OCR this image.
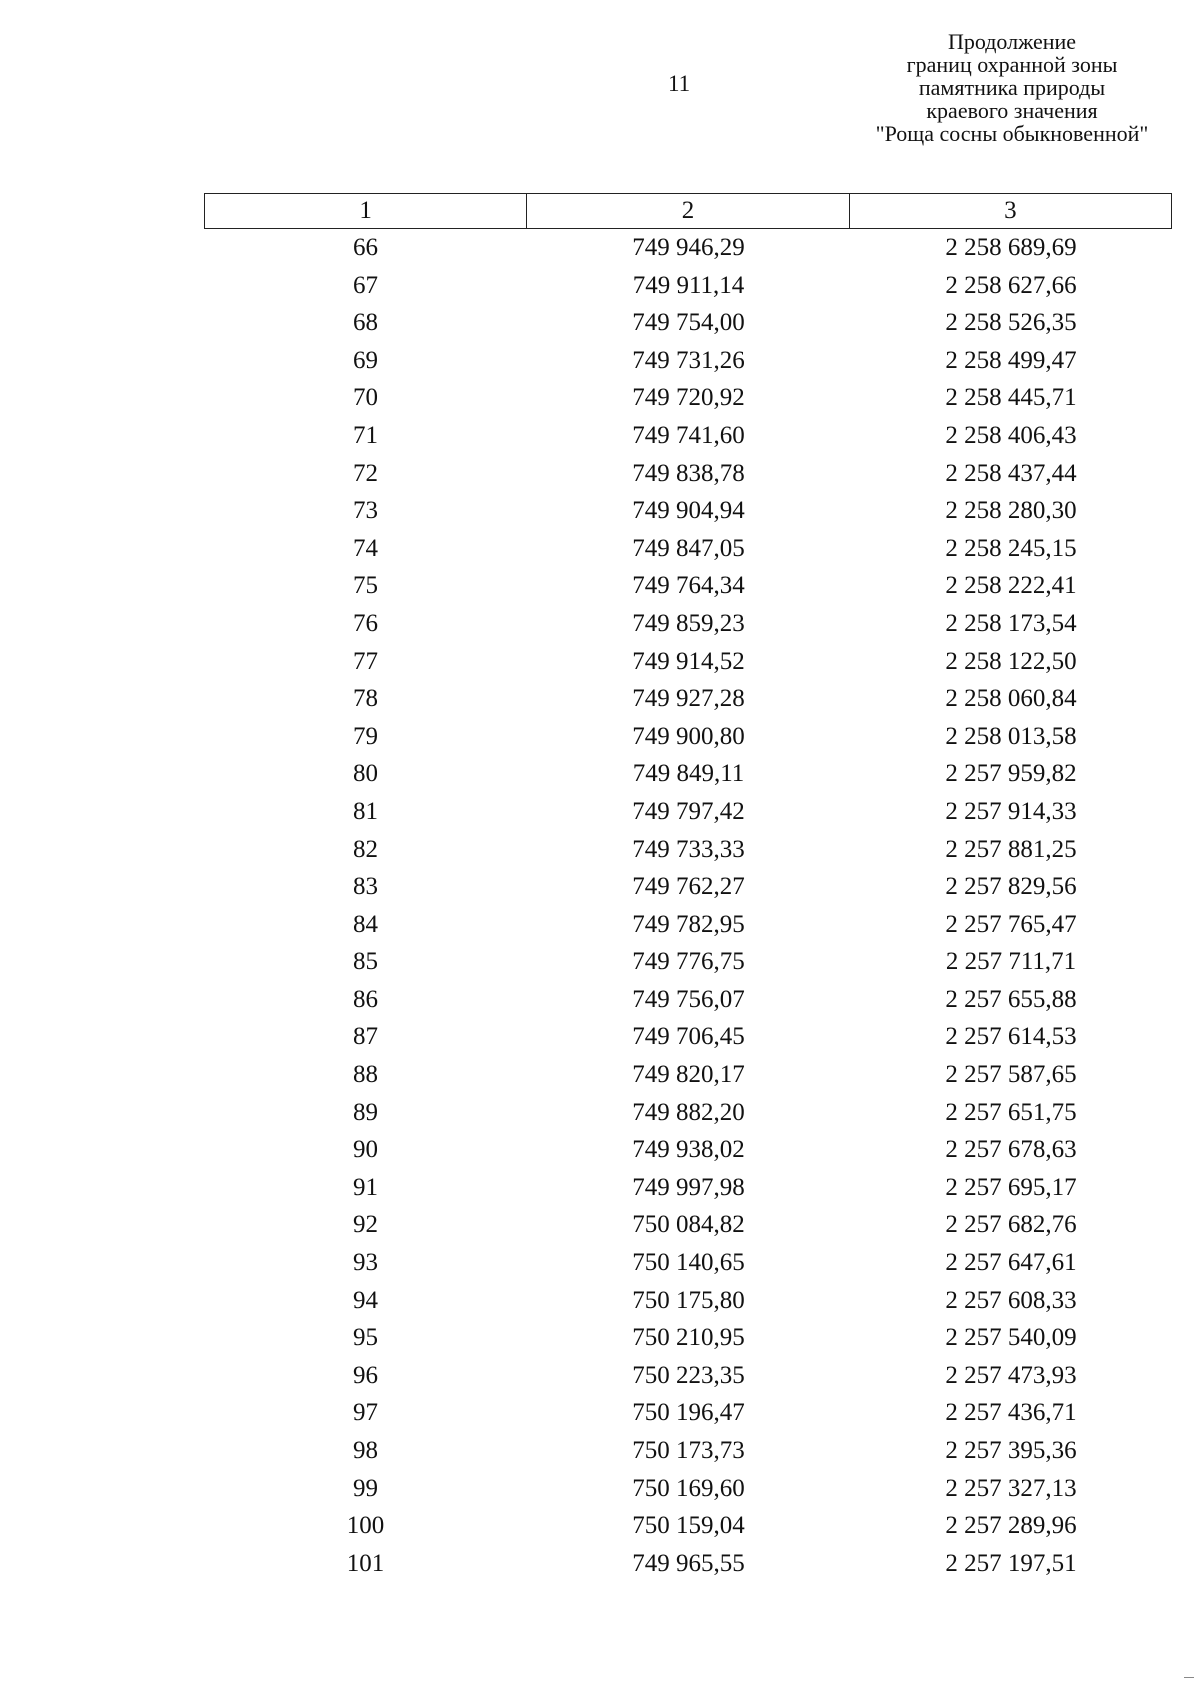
11
Продолжение
границ охранной зоны
памятника природы
краевого значения
"Роща сосны обыкновенной"
1	2	3
66	749 946,29	2 258 689,69
67	749 911,14	2 258 627,66
68	749 754,00	2 258 526,35
69	749 731,26	2 258 499,47
70	749 720,92	2 258 445,71
71	749 741,60	2 258 406,43
72	749 838,78	2 258 437,44
73	749 904,94	2 258 280,30
74	749 847,05	2 258 245,15
75	749 764,34	2 258 222,41
76	749 859,23	2 258 173,54
77	749 914,52	2 258 122,50
78	749 927,28	2 258 060,84
79	749 900,80	2 258 013,58
80	749 849,11	2 257 959,82
81	749 797,42	2 257 914,33
82	749 733,33	2 257 881,25
83	749 762,27	2 257 829,56
84	749 782,95	2 257 765,47
85	749 776,75	2 257 711,71
86	749 756,07	2 257 655,88
87	749 706,45	2 257 614,53
88	749 820,17	2 257 587,65
89	749 882,20	2 257 651,75
90	749 938,02	2 257 678,63
91	749 997,98	2 257 695,17
92	750 084,82	2 257 682,76
93	750 140,65	2 257 647,61
94	750 175,80	2 257 608,33
95	750 210,95	2 257 540,09
96	750 223,35	2 257 473,93
97	750 196,47	2 257 436,71
98	750 173,73	2 257 395,36
99	750 169,60	2 257 327,13
100	750 159,04	2 257 289,96
101	749 965,55	2 257 197,51
